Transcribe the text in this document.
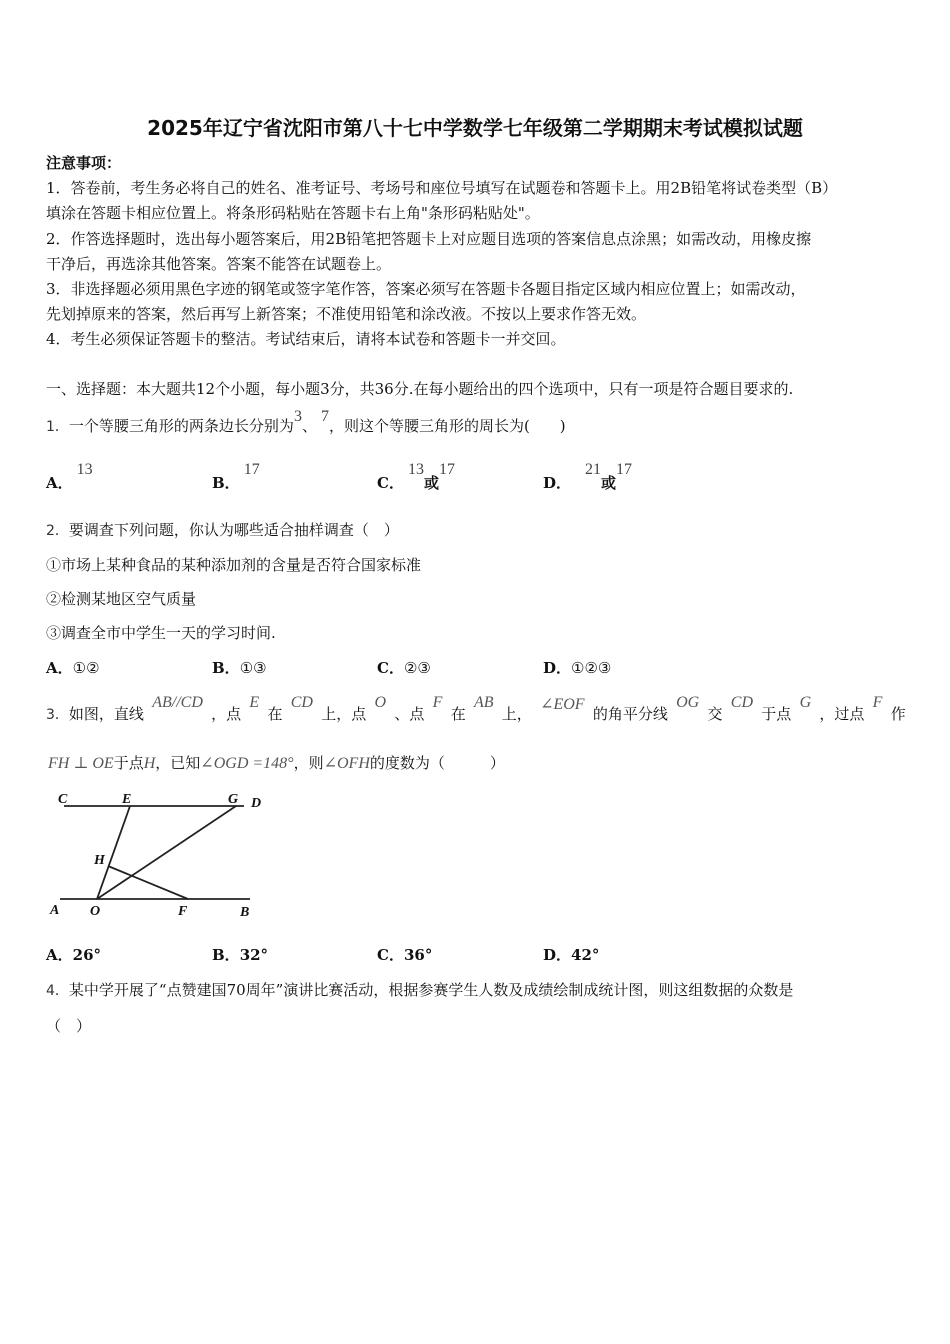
2025年辽宁省沈阳市第八十七中学数学七年级第二学期期末考试模拟试题
注意事项：
1．答卷前，考生务必将自己的姓名、准考证号、考场号和座位号填写在试题卷和答题卡上。用2B铅笔将试卷类型（B）
填涂在答题卡相应位置上。将条形码粘贴在答题卡右上角"条形码粘贴处"。
2．作答选择题时，选出每小题答案后，用2B铅笔把答题卡上对应题目选项的答案信息点涂黑；如需改动，用橡皮擦
干净后，再选涂其他答案。答案不能答在试题卷上。
3．非选择题必须用黑色字迹的钢笔或签字笔作答，答案必须写在答题卡各题目指定区域内相应位置上；如需改动，
先划掉原来的答案，然后再写上新答案；不准使用铅笔和涂改液。不按以上要求作答无效。
4．考生必须保证答题卡的整洁。考试结束后，请将本试卷和答题卡一并交回。
一、选择题：本大题共12个小题，每小题3分，共36分.在每小题给出的四个选项中，只有一项是符合题目要求的.
1．一个等腰三角形的两条边长分别为3、7，则这个等腰三角形的周长为(　　)
A．13
B．17
C．13或17
D．21或17
2．要调查下列问题，你认为哪些适合抽样调查（　）
①市场上某种食品的某种添加剂的含量是否符合国家标准
②检测某地区空气质量
③调查全市中学生一天的学习时间.
A．①②	B．①③	C．②③	D．①②③
3．如图，直线
AB//CD
，点
E
在
CD
上，点
O
、点
F
在
AB
上，
∠EOF
的角平分线
OG
交
CD
于点
G
，过点
F
作
FH ⊥ OE于点H，已知∠OGD =148°，则∠OFH的度数为（　　　）
C	E	G D
H
A O	F	B
A．26°	B．32°	C．36°	D．42°
4．某中学开展了“点赞建国70周年”演讲比赛活动，根据参赛学生人数及成绩绘制成统计图，则这组数据的众数是
（　）
